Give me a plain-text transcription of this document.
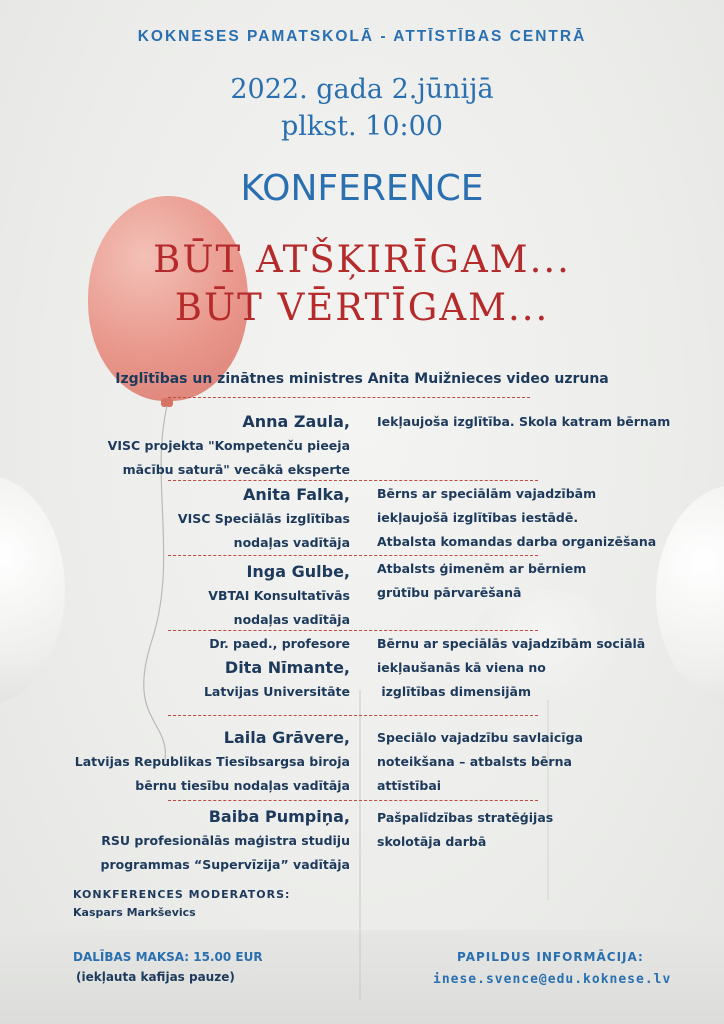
KOKNESES PAMATSKOLĀ - ATTĪSTĪBAS CENTRĀ

2022. gada 2.jūnijā

plkst. 10:00

KONFERENCE

BŪT ATŠĶIRĪGAM...

BŪT VĒRTĪGAM...

Izglītības un zinātnes ministres Anita Muižnieces video uzruna

Anna Zaula,
VISC projekta "Kompetenču pieeja
mācību saturā" vecākā eksperte
Iekļaujoša izglītība. Skola katram bērnam
Anita Falka,
VISC Speciālās izglītības
nodaļas vadītāja
Bērns ar speciālām vajadzībām
iekļaujošā izglītības iestādē.
Atbalsta komandas darba organizēšana
Inga Gulbe,
VBTAI Konsultatīvās
nodaļas vadītāja
Atbalsts ģimenēm ar bērniem
grūtību pārvarēšanā
Dr. paed., profesore
Dita Nīmante,
Latvijas Universitāte
Bērnu ar speciālās vajadzībām sociālā
iekļaušanās kā viena no
izglītības dimensijām
Laila Grāvere,
Latvijas Republikas Tiesībsargsa biroja
bērnu tiesību nodaļas vadītāja
Speciālo vajadzību savlaicīga
noteikšana – atbalsts bērna
attīstībai
Baiba Pumpiņa,
RSU profesionālās maģistra studiju
programmas “Supervīzija” vadītāja
Pašpalīdzības stratēģijas
skolotāja darbā

KONKFERENCES MODERATORS:

Kaspars Markševics

DALĪBAS MAKSA: 15.00 EUR

(iekļauta kafijas pauze)

PAPILDUS INFORMĀCIJA:

inese.svence@edu.koknese.lv
